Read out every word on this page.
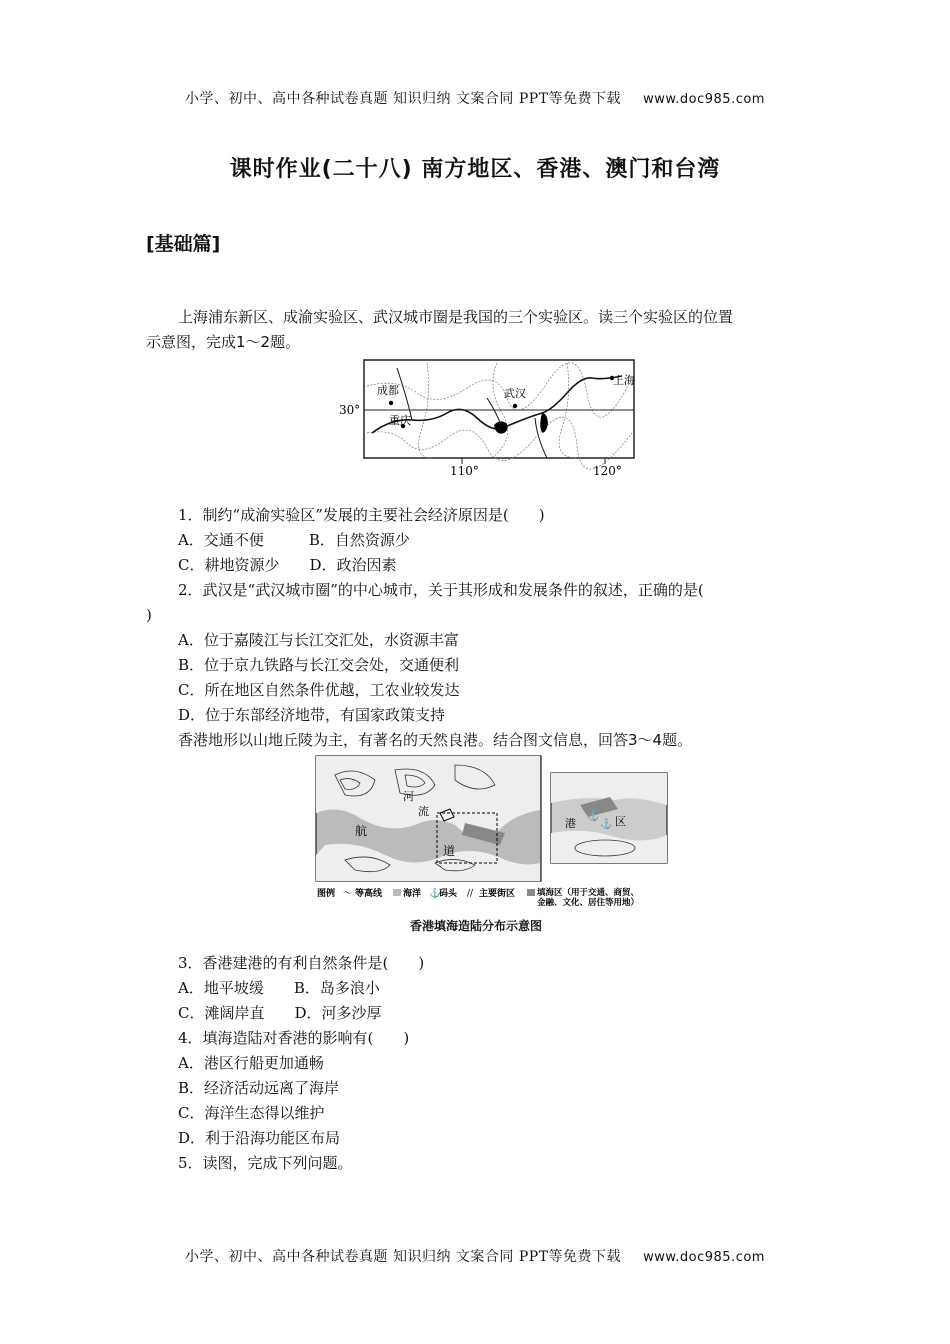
小学、初中、高中各种试卷真题 知识归纳 文案合同 PPT等免费下载 www.doc985.com
课时作业(二十八) 南方地区、香港、澳门和台湾
[基础篇]
上海浦东新区、成渝实验区、武汉城市圈是我国的三个实验区。读三个实验区的位置
示意图，完成1～2题。
成都
重庆
武汉
上海
30°
110°	120°
1．制约“成渝实验区”发展的主要社会经济原因是(　　)
A．交通不便　　　B．自然资源少
C．耕地资源少　　D．政治因素
2．武汉是“武汉城市圈”的中心城市，关于其形成和发展条件的叙述，正确的是(
)
A．位于嘉陵江与长江交汇处，水资源丰富
B．位于京九铁路与长江交会处，交通便利
C．所在地区自然条件优越，工农业较发达
D．位于东部经济地带，有国家政策支持
香港地形以山地丘陵为主，有著名的天然良港。结合图文信息，回答3～4题。
河
流
航
道
港	区
⚓
⚓
图例 〜 等高线 海洋 ⚓
码头 // 主要街区	填海区（用于交通、商贸、
金融、文化、居住等用地）
香港填海造陆分布示意图
3．香港建港的有利自然条件是(　　)
A．地平坡缓　　B．岛多浪小
C．滩阔岸直　　D．河多沙厚
4．填海造陆对香港的影响有(　　)
A．港区行船更加通畅
B．经济活动远离了海岸
C．海洋生态得以维护
D．利于沿海功能区布局
5．读图，完成下列问题。
小学、初中、高中各种试卷真题 知识归纳 文案合同 PPT等免费下载 www.doc985.com
